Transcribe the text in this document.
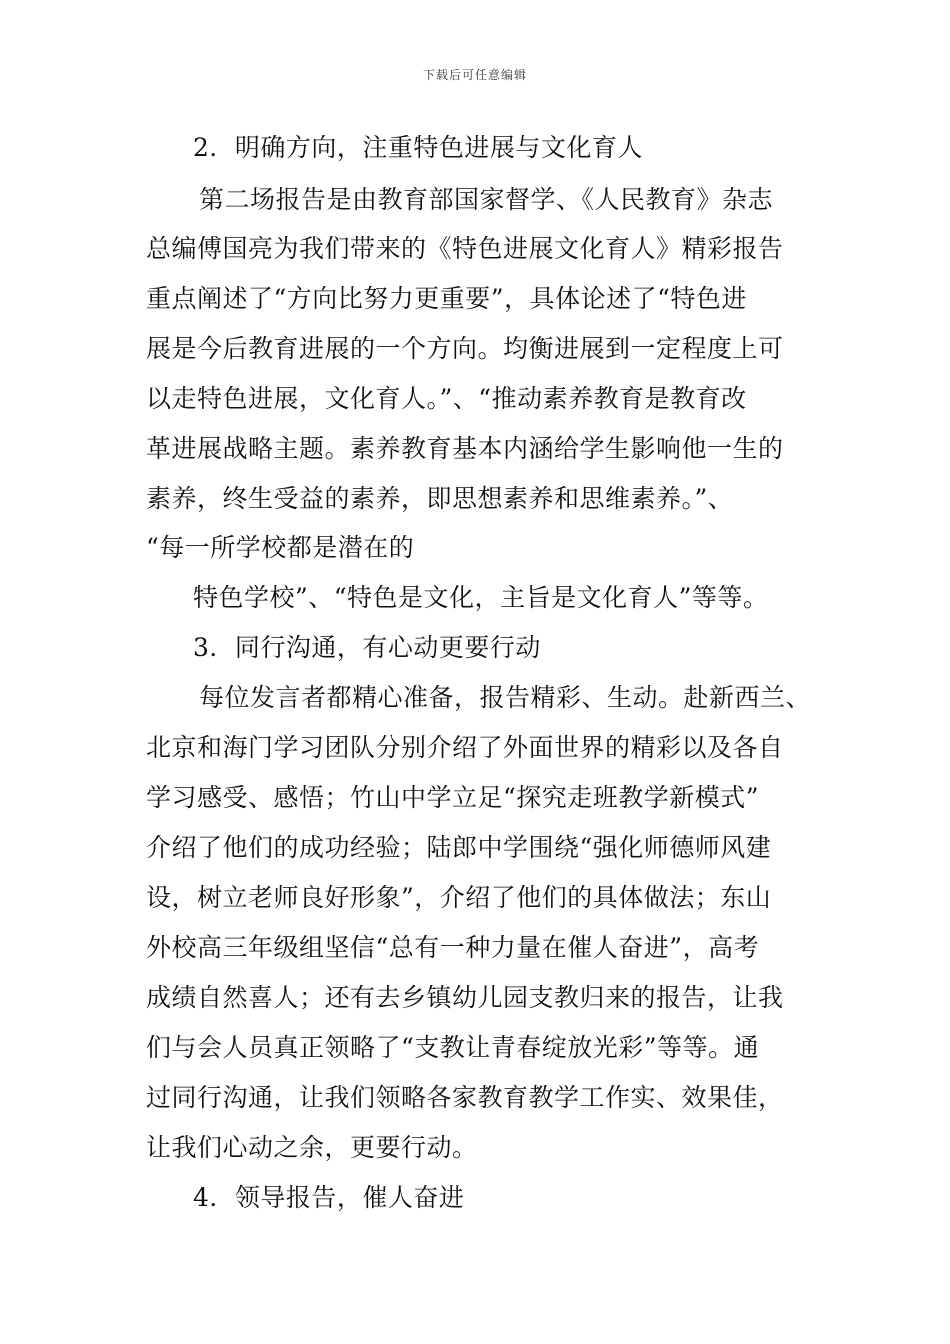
下载后可任意编辑
2．明确方向，注重特色进展与文化育人
第二场报告是由教育部国家督学、《人民教育》杂志
总编傅国亮为我们带来的《特色进展文化育人》精彩报告
重点阐述了“方向比努力更重要”，具体论述了“特色进
展是今后教育进展的一个方向。均衡进展到一定程度上可
以走特色进展，文化育人。”、“推动素养教育是教育改
革进展战略主题。素养教育基本内涵给学生影响他一生的
素养，终生受益的素养，即思想素养和思维素养。”、
“每一所学校都是潜在的
特色学校”、“特色是文化，主旨是文化育人”等等。
3．同行沟通，有心动更要行动
每位发言者都精心准备，报告精彩、生动。赴新西兰、
北京和海门学习团队分别介绍了外面世界的精彩以及各自
学习感受、感悟；竹山中学立足“探究走班教学新模式”
介绍了他们的成功经验；陆郎中学围绕“强化师德师风建
设，树立老师良好形象”，介绍了他们的具体做法；东山
外校高三年级组坚信“总有一种力量在催人奋进”，高考
成绩自然喜人；还有去乡镇幼儿园支教归来的报告，让我
们与会人员真正领略了“支教让青春绽放光彩”等等。通
过同行沟通，让我们领略各家教育教学工作实、效果佳，
让我们心动之余，更要行动。
4．领导报告，催人奋进
